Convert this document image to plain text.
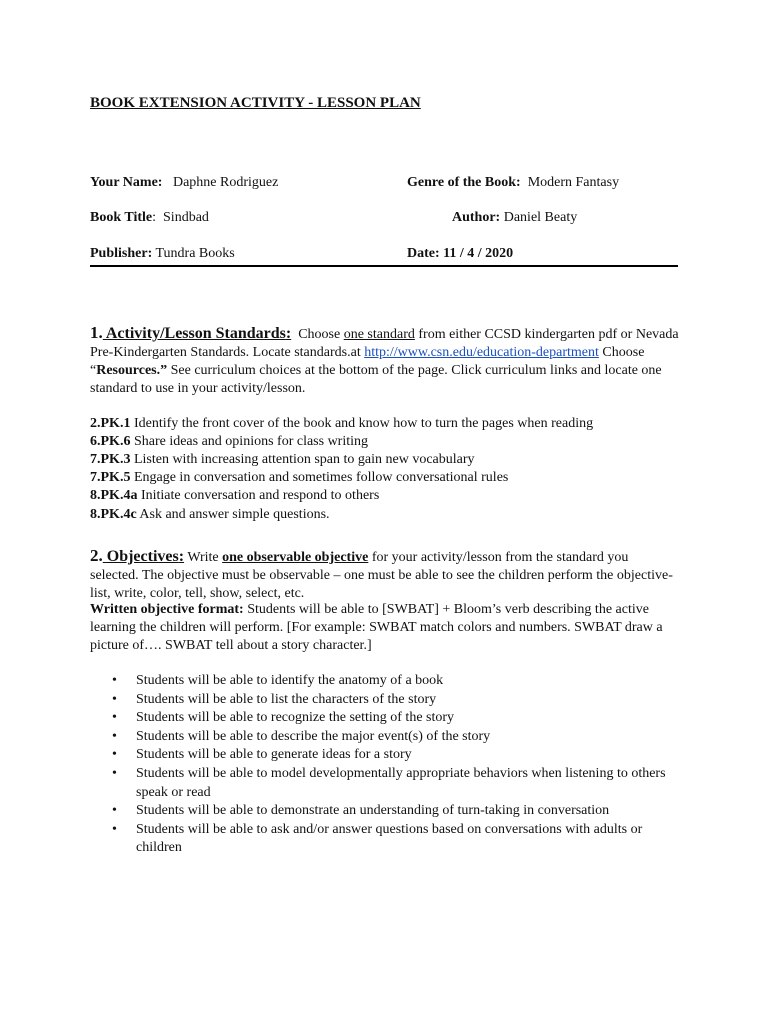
BOOK EXTENSION ACTIVITY - LESSON PLAN
Your Name: Daphne Rodriguez	Genre of the Book: Modern Fantasy
Book Title: Sindbad	Author: Daniel Beaty
Publisher: Tundra Books	Date: 11 / 4 / 2020
1. Activity/Lesson Standards: Choose one standard from either CCSD kindergarten pdf or Nevada Pre-Kindergarten Standards. Locate standards.at http://www.csn.edu/education-department Choose “Resources.” See curriculum choices at the bottom of the page. Click curriculum links and locate one standard to use in your activity/lesson.
2.PK.1 Identify the front cover of the book and know how to turn the pages when reading
6.PK.6 Share ideas and opinions for class writing
7.PK.3 Listen with increasing attention span to gain new vocabulary
7.PK.5 Engage in conversation and sometimes follow conversational rules
8.PK.4a Initiate conversation and respond to others
8.PK.4c Ask and answer simple questions.
2. Objectives: Write one observable objective for your activity/lesson from the standard you selected. The objective must be observable – one must be able to see the children perform the objective- list, write, color, tell, show, select, etc.
Written objective format: Students will be able to [SWBAT] + Bloom’s verb describing the active learning the children will perform. [For example: SWBAT match colors and numbers. SWBAT draw a picture of…. SWBAT tell about a story character.]
• Students will be able to identify the anatomy of a book
• Students will be able to list the characters of the story
• Students will be able to recognize the setting of the story
• Students will be able to describe the major event(s) of the story
• Students will be able to generate ideas for a story
• Students will be able to model developmentally appropriate behaviors when listening to others speak or read
• Students will be able to demonstrate an understanding of turn-taking in conversation
• Students will be able to ask and/or answer questions based on conversations with adults or children
